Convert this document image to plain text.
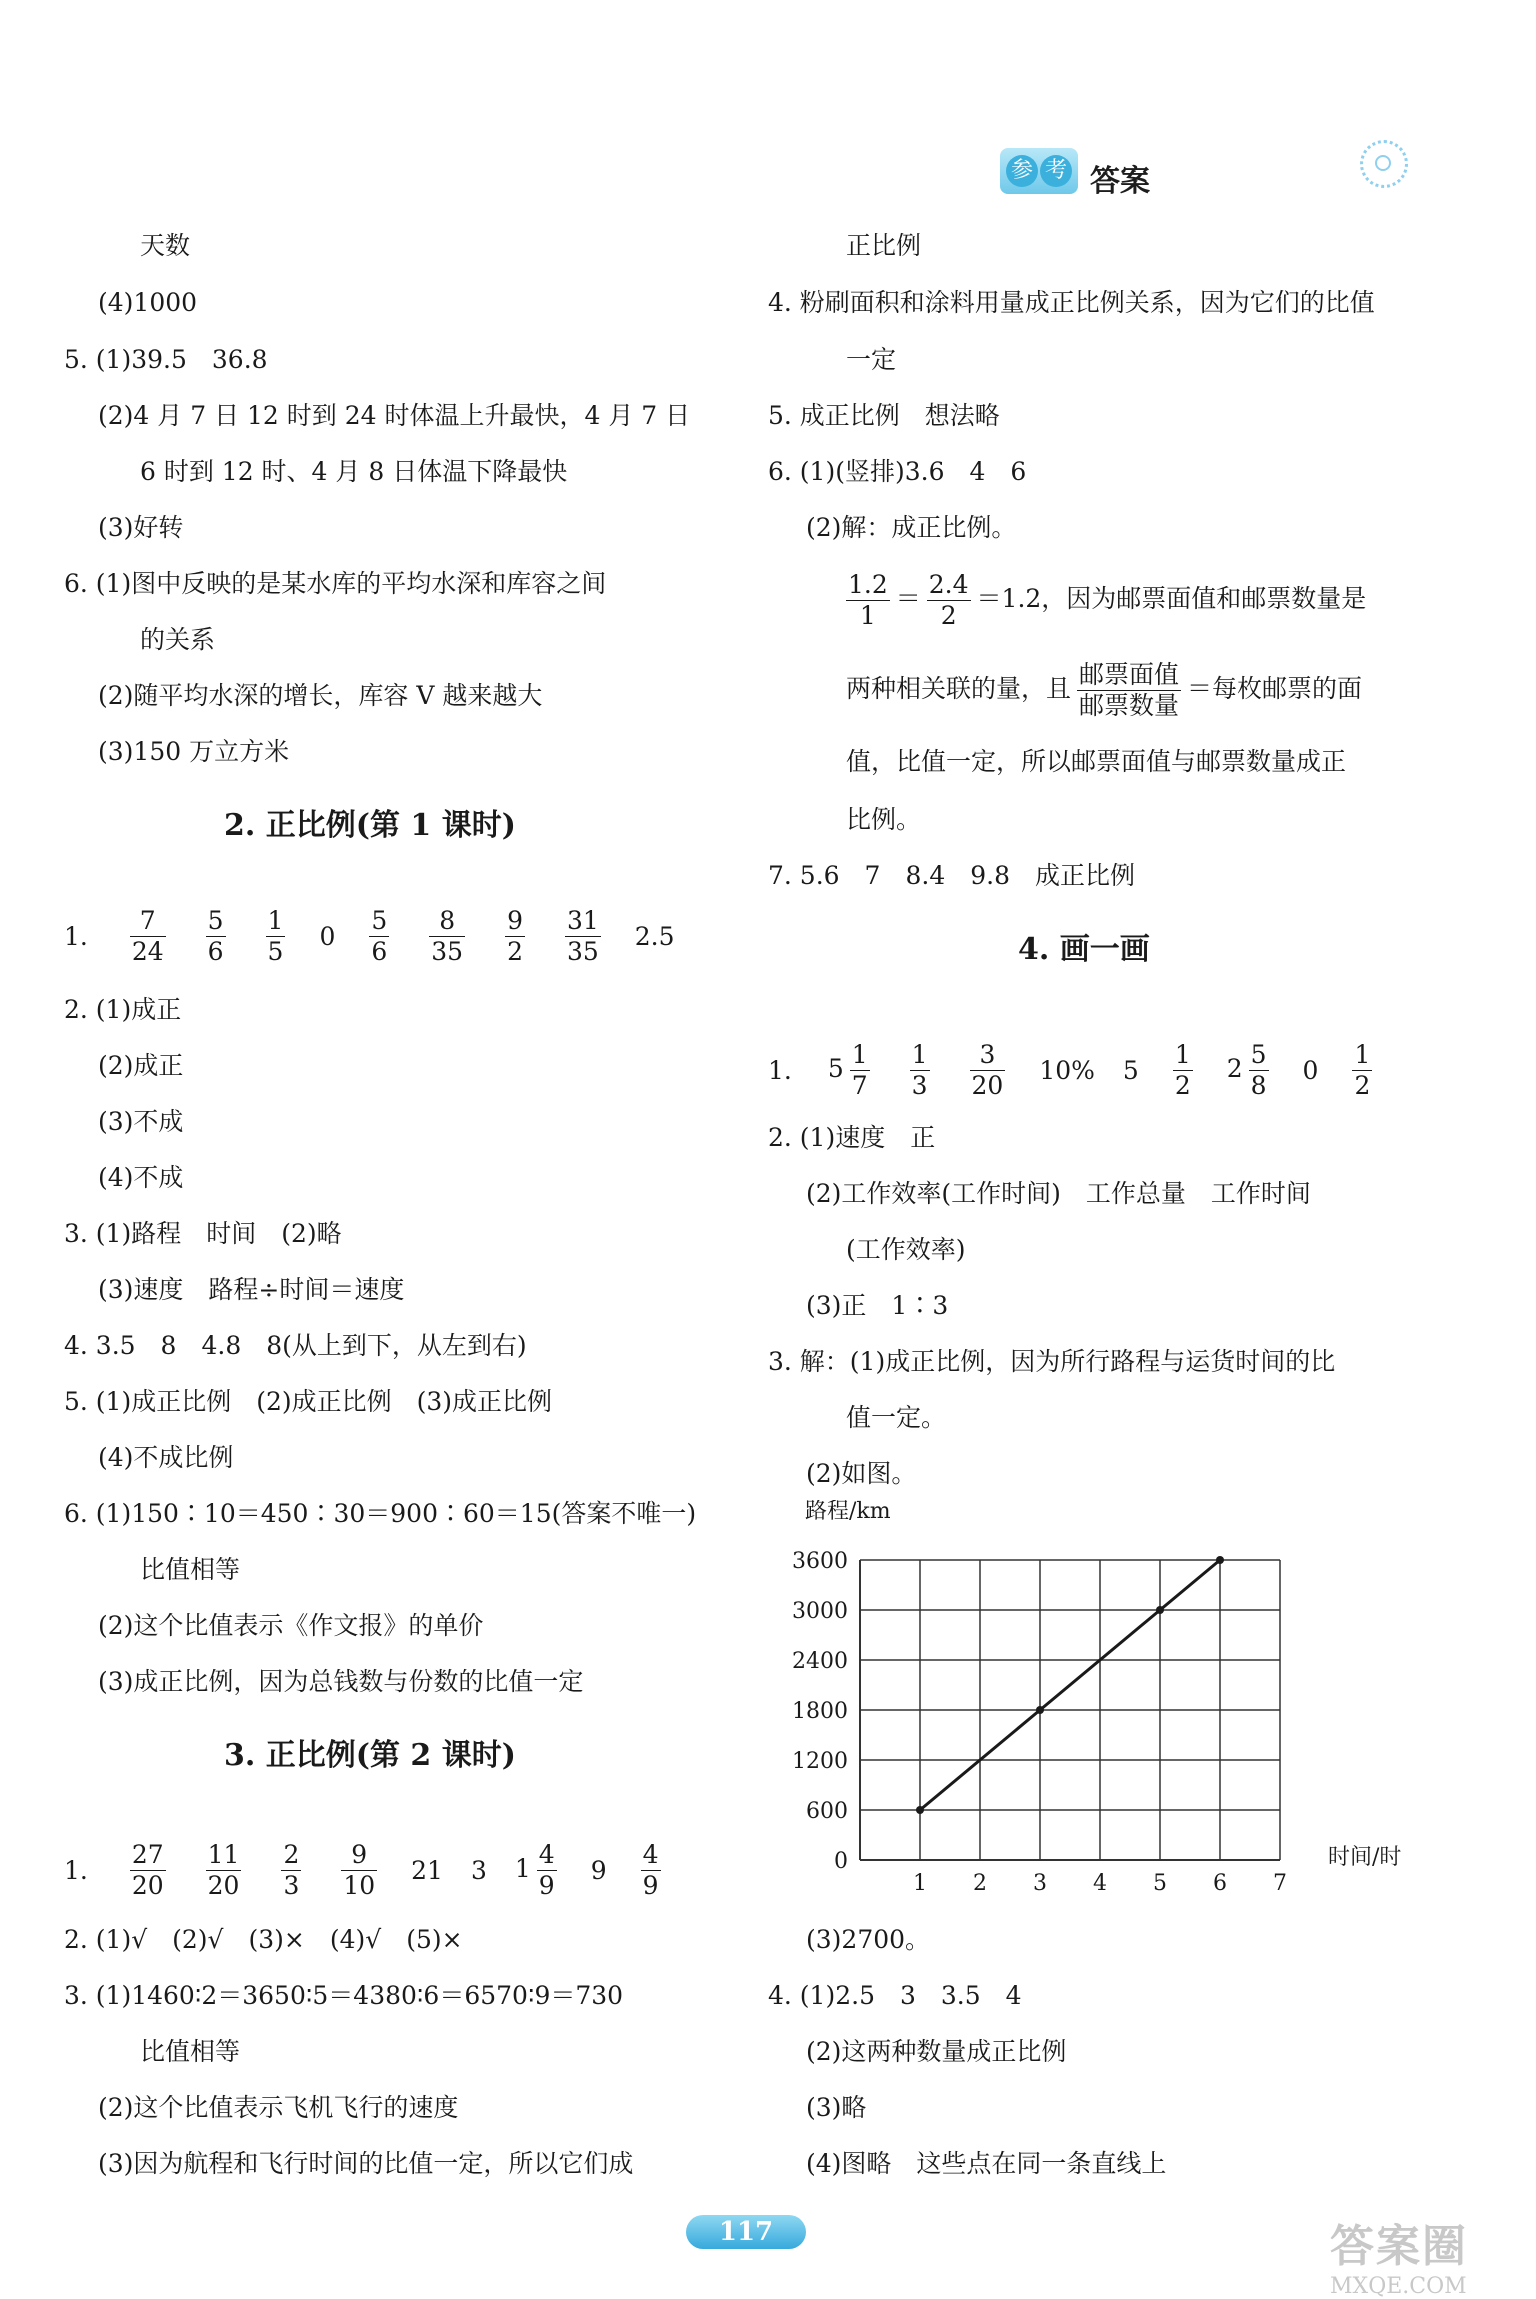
参 考 答案
天数
(4)1000
5. (1)39.5　36.8
(2)4 月 7 日 12 时到 24 时体温上升最快，4 月 7 日
6 时到 12 时、4 月 8 日体温下降最快
(3)好转
6. (1)图中反映的是某水库的平均水深和库容之间
的关系
(2)随平均水深的增长，库容 V 越来越大
(3)150 万立方米
2. 正比例(第 1 课时)
1. $\frac{7}{24} \frac{5}{6} \frac{1}{5} 0 \frac{5}{6} \frac{8}{35} \frac{9}{2} \frac{31}{35} 2.5$
2. (1)成正
(2)成正
(3)不成
(4)不成
3. (1)路程　时间　(2)略
(3)速度　路程÷时间＝速度
4. 3.5　8　4.8　8(从上到下，从左到右)
5. (1)成正比例　(2)成正比例　(3)成正比例
(4)不成比例
6. (1)150∶10＝450∶30＝900∶60＝15(答案不唯一)
比值相等
(2)这个比值表示《作文报》的单价
(3)成正比例，因为总钱数与份数的比值一定
3. 正比例(第 2 课时)
1. $\frac{27}{20} \frac{11}{20} \frac{2}{3} \frac{9}{10} 21$ 3 $1 \frac{4}{9} 9 \frac{4}{9}$
2. (1)√　(2)√　(3)×　(4)√　(5)×
3. (1)1460∶2＝3650∶5＝4380∶6＝6570∶9＝730
比值相等
(2)这个比值表示飞机飞行的速度
(3)因为航程和飞行时间的比值一定，所以它们成
正比例
4. 粉刷面积和涂料用量成正比例关系，因为它们的比值
一定
5. 成正比例　想法略
6. (1)(竖排)3.6　4　6
(2)解：成正比例。
$\frac{1.2}{1} = \frac{2.4}{2} =1.2$，因为邮票面值和邮票数量是
两种相关联的量，且 $\frac{\text{邮票面值}}{\text{邮票数量}}$ ＝每枚邮票的面
值，比值一定，所以邮票面值与邮票数量成正
比例。
7. 5.6　7　8.4　9.8　成正比例
4. 画一画
1. $5 \frac{1}{7} \frac{1}{3} \frac{3}{20} 10\%$ $5 \frac{1}{2} 2 \frac{5}{8} 0 \frac{1}{2}$
2. (1)速度　正
(2)工作效率(工作时间)　工作总量　工作时间
(工作效率)
(3)正　1∶3
3. 解：(1)成正比例，因为所行路程与运货时间的比
值一定。
(2)如图。
0
600
1200
1800
2400
3000
3600
1 2 3 4 5 6 7
路程/km
时间/时
(3)2700。
4. (1)2.5　3　3.5　4
(2)这两种数量成正比例
(3)略
(4)图略　这些点在同一条直线上
117	答案圈
MXQE.COM
